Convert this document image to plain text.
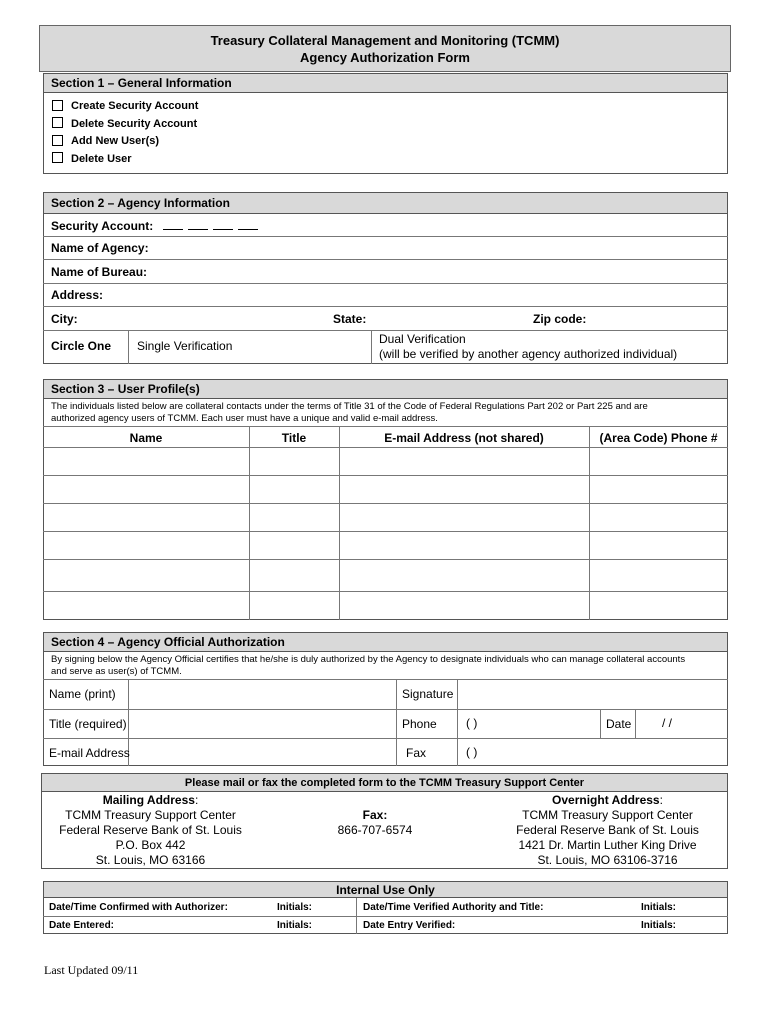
Treasury Collateral Management and Monitoring (TCMM)
Agency Authorization Form
Section 1 – General Information
Create Security Account
Delete Security Account
Add New User(s)
Delete User
Section 2 – Agency Information
Security Account:
Name of Agency:
Name of Bureau:
Address:
City:	State:	Zip code:
Circle One Single Verification	Dual Verification
(will be verified by another agency authorized individual)
Section 3 – User Profile(s)
The individuals listed below are collateral contacts under the terms of Title 31 of the Code of Federal Regulations Part 202 or Part 225 and are
authorized agency users of TCMM. Each user must have a unique and valid e-mail address.
Name	Title	E-mail Address (not shared)	(Area Code) Phone #
Section 4 – Agency Official Authorization
By signing below the Agency Official certifies that he/she is duly authorized by the Agency to designate individuals who can manage collateral accounts
and serve as user(s) of TCMM.
Name (print)	Signature
Title (required)	Phone ( )	Date	/ /
E-mail Address	Fax	( )
Please mail or fax the completed form to the TCMM Treasury Support Center
Mailing Address:
TCMM Treasury Support Center
Federal Reserve Bank of St. Louis
P.O. Box 442
St. Louis, MO 63166
Fax:
866-707-6574
Overnight Address:
TCMM Treasury Support Center
Federal Reserve Bank of St. Louis
1421 Dr. Martin Luther King Drive
St. Louis, MO 63106-3716
Internal Use Only
Date/Time Confirmed with Authorizer:	Initials:	Date/Time Verified Authority and Title:	Initials:
Date Entered:	Initials:	Date Entry Verified:	Initials:
Last Updated 09/11
